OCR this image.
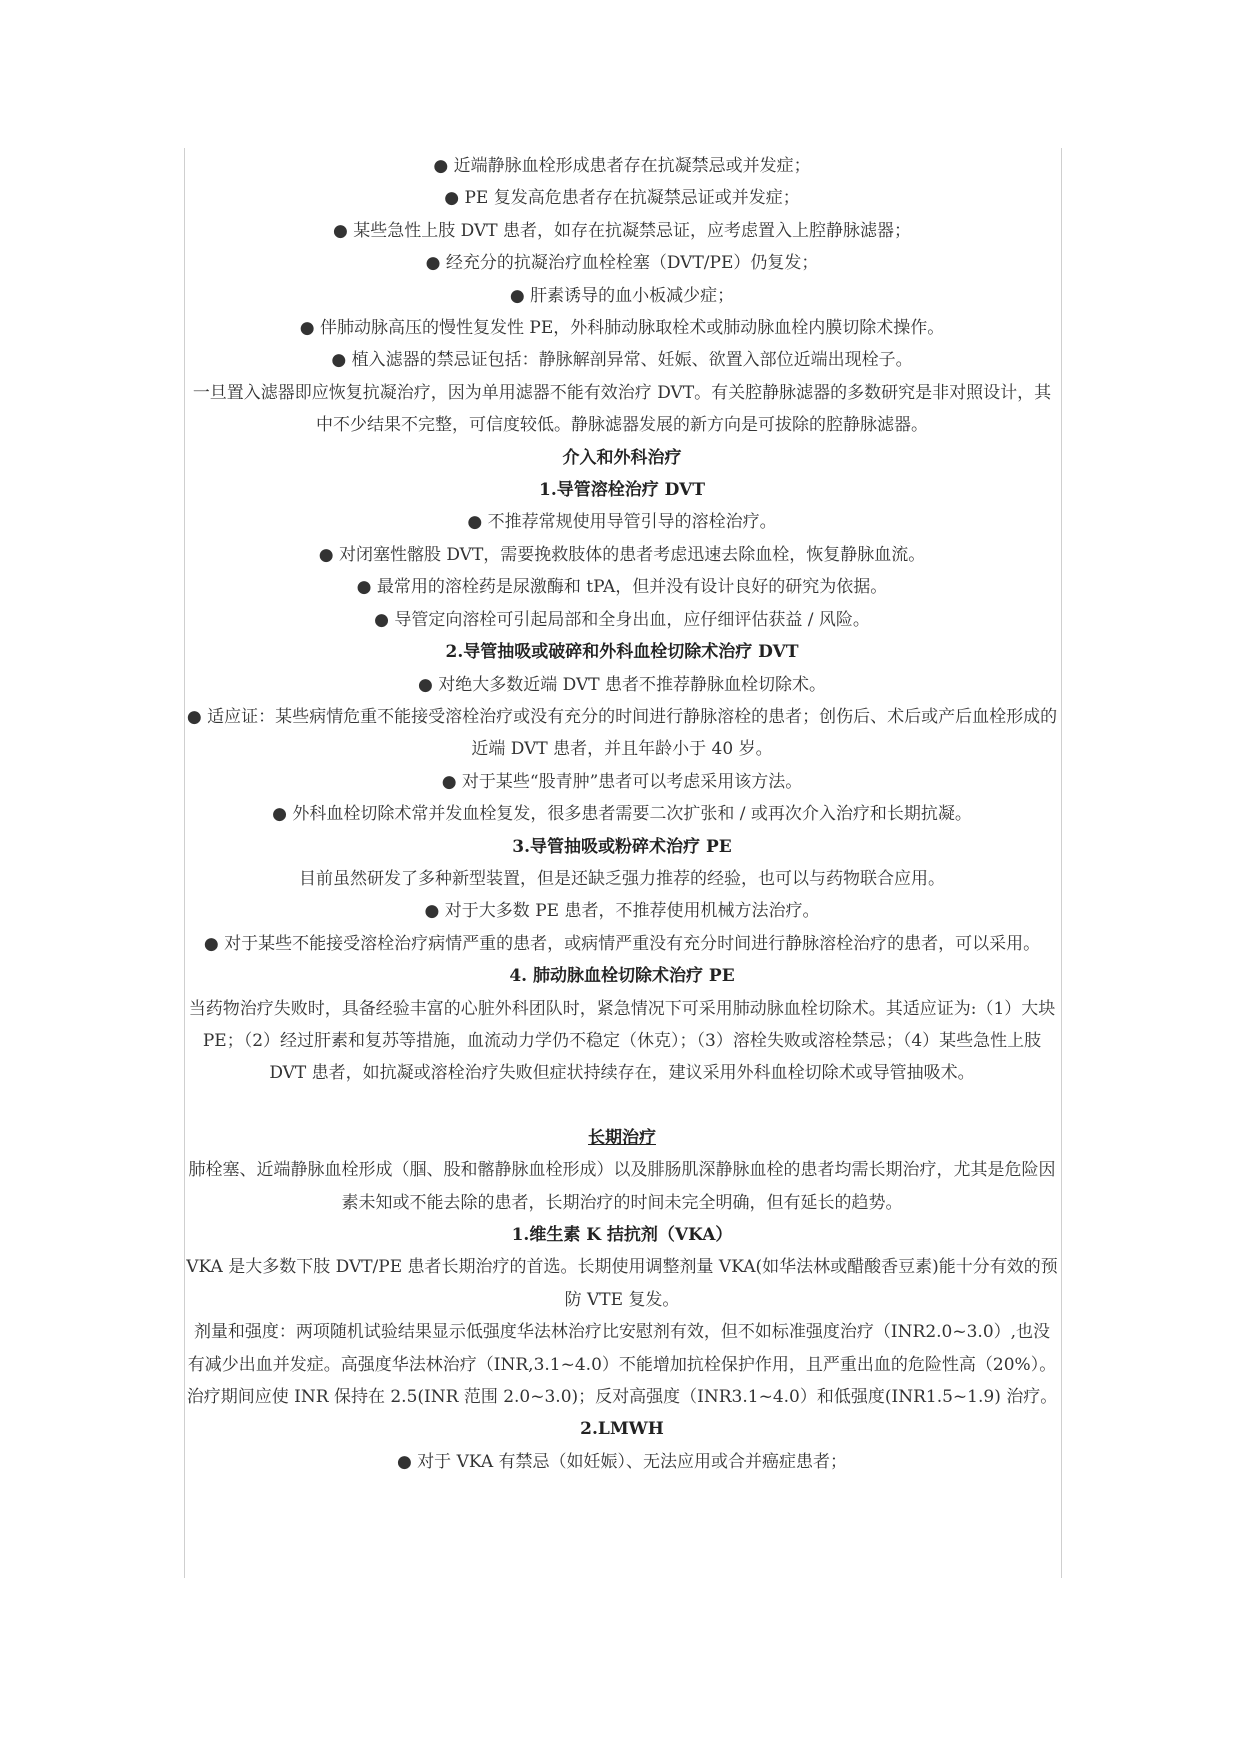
● 近端静脉血栓形成患者存在抗凝禁忌或并发症；

● PE 复发高危患者存在抗凝禁忌证或并发症；

● 某些急性上肢 DVT 患者，如存在抗凝禁忌证，应考虑置入上腔静脉滤器；

● 经充分的抗凝治疗血栓栓塞（DVT/PE）仍复发；

● 肝素诱导的血小板减少症；

● 伴肺动脉高压的慢性复发性 PE，外科肺动脉取栓术或肺动脉血栓内膜切除术操作。

● 植入滤器的禁忌证包括：静脉解剖异常、妊娠、欲置入部位近端出现栓子。

一旦置入滤器即应恢复抗凝治疗，因为单用滤器不能有效治疗 DVT。有关腔静脉滤器的多数研究是非对照设计，其中不少结果不完整，可信度较低。静脉滤器发展的新方向是可拔除的腔静脉滤器。

介入和外科治疗

1.导管溶栓治疗 DVT

● 不推荐常规使用导管引导的溶栓治疗。

● 对闭塞性髂股 DVT，需要挽救肢体的患者考虑迅速去除血栓，恢复静脉血流。

● 最常用的溶栓药是尿激酶和 tPA，但并没有设计良好的研究为依据。

● 导管定向溶栓可引起局部和全身出血，应仔细评估获益 / 风险。

2.导管抽吸或破碎和外科血栓切除术治疗 DVT

● 对绝大多数近端 DVT 患者不推荐静脉血栓切除术。

● 适应证：某些病情危重不能接受溶栓治疗或没有充分的时间进行静脉溶栓的患者；创伤后、术后或产后血栓形成的近端 DVT 患者，并且年龄小于 40 岁。

● 对于某些“股青肿”患者可以考虑采用该方法。

● 外科血栓切除术常并发血栓复发，很多患者需要二次扩张和 / 或再次介入治疗和长期抗凝。

3.导管抽吸或粉碎术治疗 PE

目前虽然研发了多种新型装置，但是还缺乏强力推荐的经验，也可以与药物联合应用。

● 对于大多数 PE 患者，不推荐使用机械方法治疗。

● 对于某些不能接受溶栓治疗病情严重的患者，或病情严重没有充分时间进行静脉溶栓治疗的患者，可以采用。

4. 肺动脉血栓切除术治疗 PE

当药物治疗失败时，具备经验丰富的心脏外科团队时，紧急情况下可采用肺动脉血栓切除术。其适应证为:（1）大块 PE；（2）经过肝素和复苏等措施，血流动力学仍不稳定（休克）；（3）溶栓失败或溶栓禁忌；（4）某些急性上肢 DVT 患者，如抗凝或溶栓治疗失败但症状持续存在，建议采用外科血栓切除术或导管抽吸术。

长期治疗

肺栓塞、近端静脉血栓形成（腘、股和髂静脉血栓形成）以及腓肠肌深静脉血栓的患者均需长期治疗，尤其是危险因素未知或不能去除的患者，长期治疗的时间未完全明确，但有延长的趋势。

1.维生素 K 拮抗剂（VKA）

VKA 是大多数下肢 DVT/PE 患者长期治疗的首选。长期使用调整剂量 VKA(如华法林或醋酸香豆素)能十分有效的预防 VTE 复发。

剂量和强度：两项随机试验结果显示低强度华法林治疗比安慰剂有效，但不如标准强度治疗（INR2.0~3.0）,也没有减少出血并发症。高强度华法林治疗（INR,3.1~4.0）不能增加抗栓保护作用，且严重出血的危险性高（20%）。治疗期间应使 INR 保持在 2.5(INR 范围 2.0~3.0)；反对高强度（INR3.1~4.0）和低强度(INR1.5~1.9) 治疗。

2.LMWH

● 对于 VKA 有禁忌（如妊娠）、无法应用或合并癌症患者；
